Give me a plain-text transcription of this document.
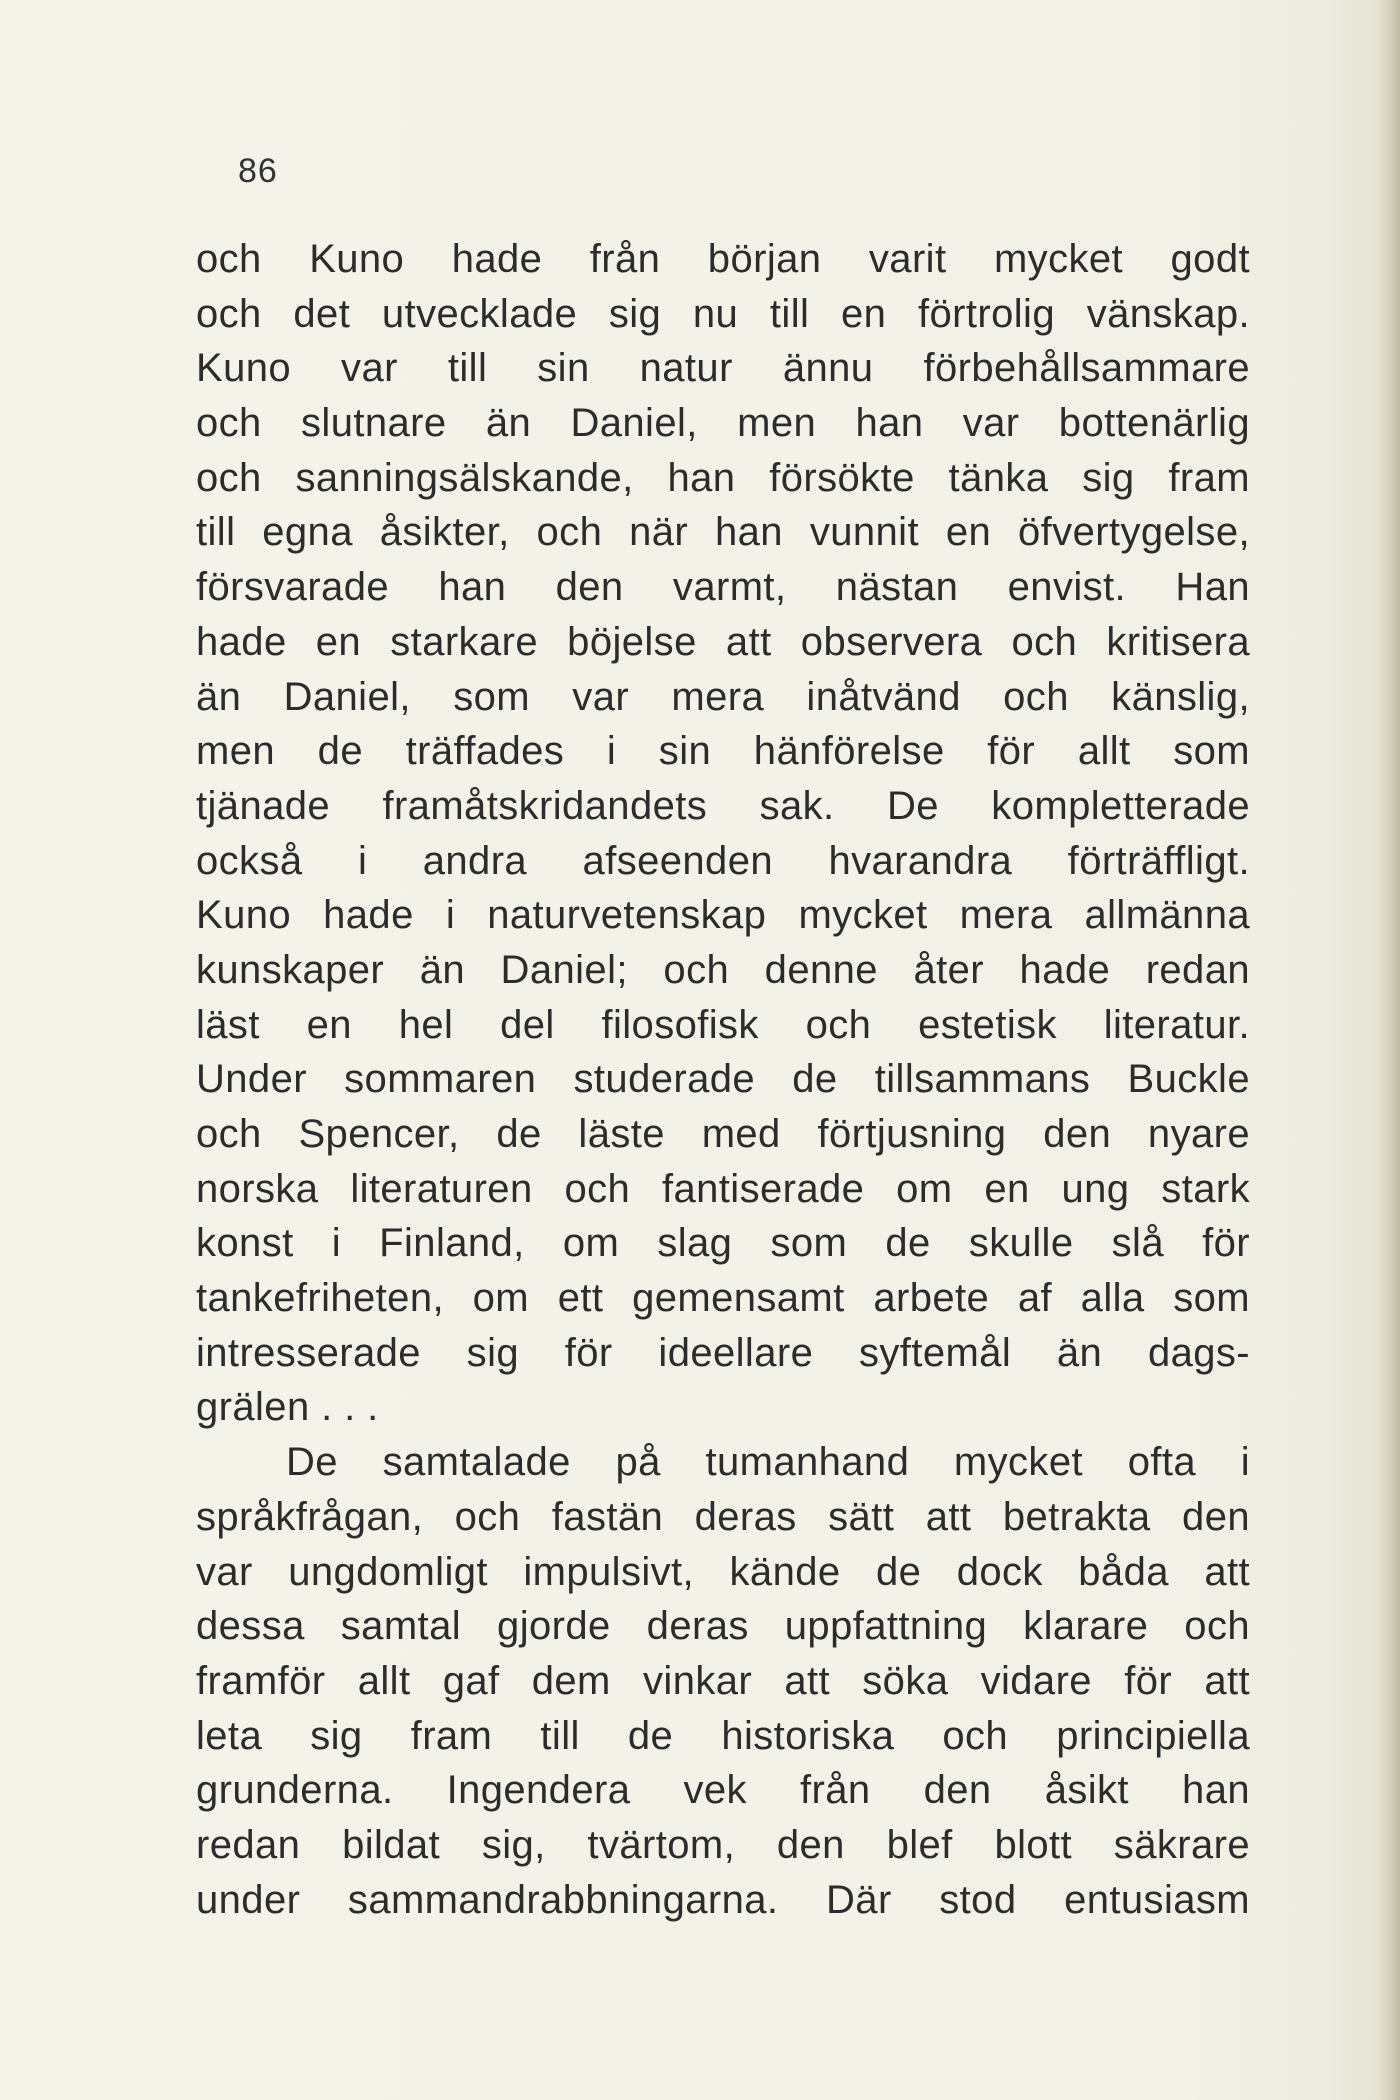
86
och Kuno hade från början varit mycket godt
och det utvecklade sig nu till en förtrolig vänskap.
Kuno var till sin natur ännu förbehållsammare
och slutnare än Daniel, men han var bottenärlig
och sanningsälskande, han försökte tänka sig fram
till egna åsikter, och när han vunnit en öfvertygelse,
försvarade han den varmt, nästan envist. Han
hade en starkare böjelse att observera och kritisera
än Daniel, som var mera inåtvänd och känslig,
men de träffades i sin hänförelse för allt som
tjänade framåtskridandets sak. De kompletterade
också i andra afseenden hvarandra förträffligt.
Kuno hade i naturvetenskap mycket mera allmänna
kunskaper än Daniel; och denne åter hade redan
läst en hel del filosofisk och estetisk literatur.
Under sommaren studerade de tillsammans Buckle
och Spencer, de läste med förtjusning den nyare
norska literaturen och fantiserade om en ung stark
konst i Finland, om slag som de skulle slå för
tankefriheten, om ett gemensamt arbete af alla som
intresserade sig för ideellare syftemål än dags-
grälen . . .
De samtalade på tumanhand mycket ofta i
språkfrågan, och fastän deras sätt att betrakta den
var ungdomligt impulsivt, kände de dock båda att
dessa samtal gjorde deras uppfattning klarare och
framför allt gaf dem vinkar att söka vidare för att
leta sig fram till de historiska och principiella
grunderna. Ingendera vek från den åsikt han
redan bildat sig, tvärtom, den blef blott säkrare
under sammandrabbningarna. Där stod entusiasm
